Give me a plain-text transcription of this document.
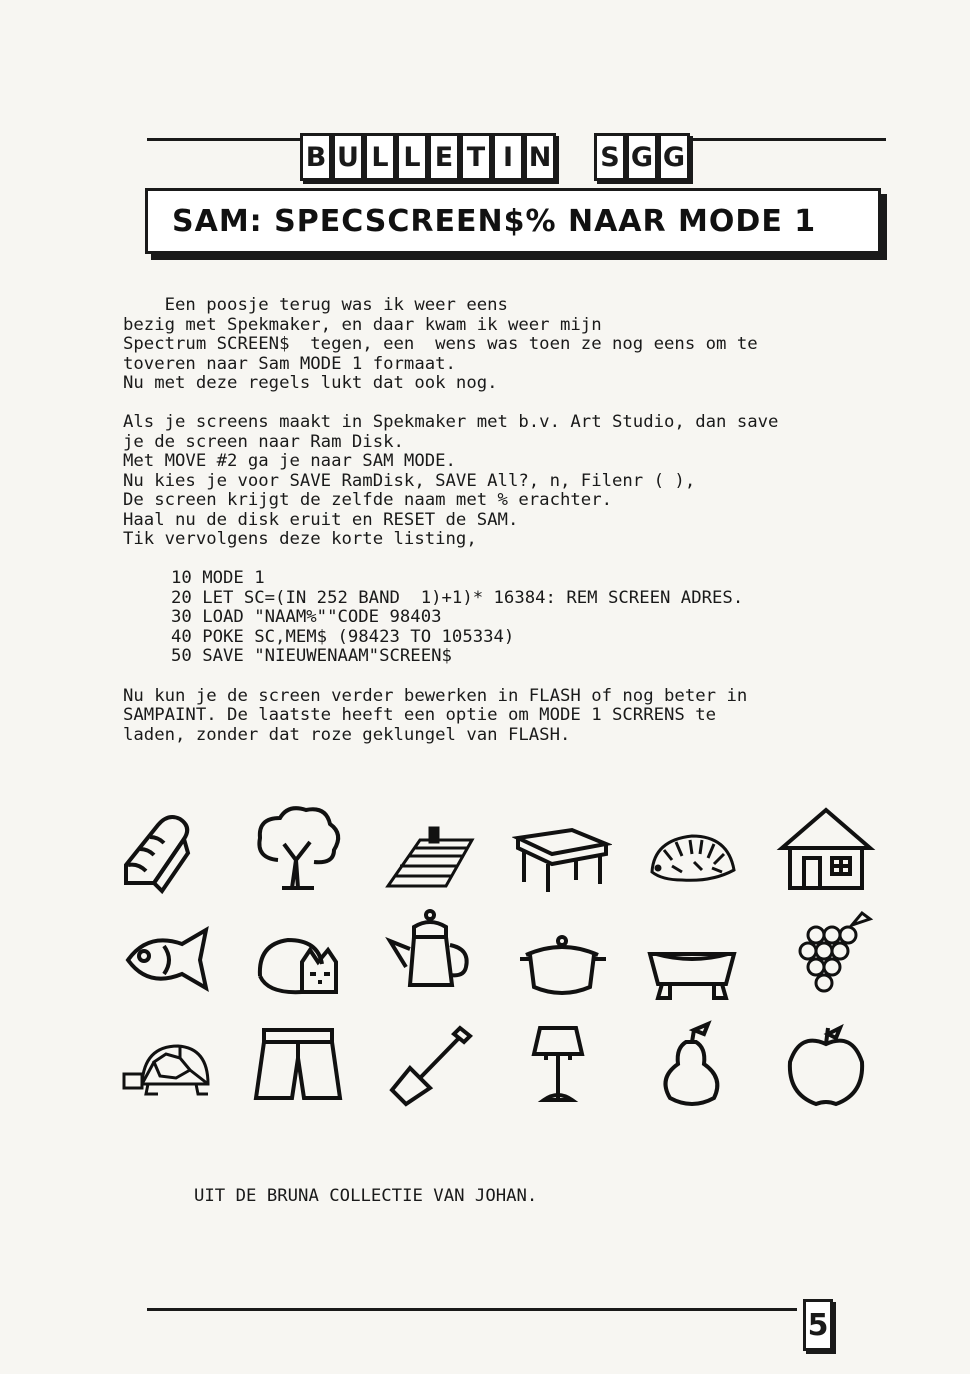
B U L L E T I N S G G
SAM: SPECSCREEN$% NAAR MODE 1
Een poosje terug was ik weer eens
bezig met Spekmaker, en daar kwam ik weer mijn
Spectrum SCREEN$  tegen, een  wens was toen ze nog eens om te
toveren naar Sam MODE 1 formaat.
Nu met deze regels lukt dat ook nog.
Als je screens maakt in Spekmaker met b.v. Art Studio, dan save
je de screen naar Ram Disk.
Met MOVE #2 ga je naar SAM MODE.
Nu kies je voor SAVE RamDisk, SAVE All?, n, Filenr ( ),
De screen krijgt de zelfde naam met % erachter.
Haal nu de disk eruit en RESET de SAM.
Tik vervolgens deze korte listing,
10 MODE 1
20 LET SC=(IN 252 BAND  1)+1)* 16384: REM SCREEN ADRES.
30 LOAD "NAAM%""CODE 98403
40 POKE SC,MEM$ (98423 TO 105334)
50 SAVE "NIEUWENAAM"SCREEN$
Nu kun je de screen verder bewerken in FLASH of nog beter in
SAMPAINT. De laatste heeft een optie om MODE 1 SCRRENS te
laden, zonder dat roze geklungel van FLASH.
UIT DE BRUNA COLLECTIE VAN JOHAN.
5
